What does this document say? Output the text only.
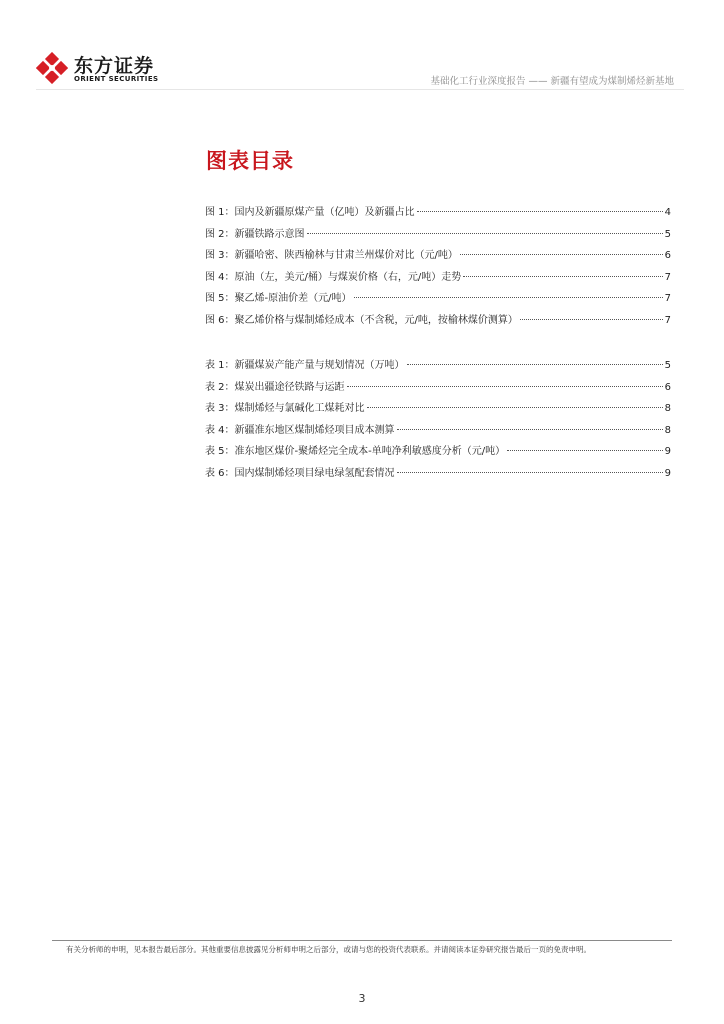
东方证券
ORIENT SECURITIES	基础化工行业深度报告 —— 新疆有望成为煤制烯烃新基地
图表目录
图 1：国内及新疆原煤产量（亿吨）及新疆占比	4
图 2：新疆铁路示意图	5
图 3：新疆哈密、陕西榆林与甘肃兰州煤价对比（元/吨）	6
图 4：原油（左，美元/桶）与煤炭价格（右，元/吨）走势	7
图 5：聚乙烯-原油价差（元/吨）	7
图 6：聚乙烯价格与煤制烯烃成本（不含税，元/吨，按榆林煤价测算）	7
表 1：新疆煤炭产能产量与规划情况（万吨）	5
表 2：煤炭出疆途径铁路与运距	6
表 3：煤制烯烃与氯碱化工煤耗对比	8
表 4：新疆准东地区煤制烯烃项目成本测算	8
表 5：准东地区煤价-聚烯烃完全成本-单吨净利敏感度分析（元/吨）	9
表 6：国内煤制烯烃项目绿电绿氢配套情况	9
有关分析师的申明，见本报告最后部分。其他重要信息披露见分析师申明之后部分，或请与您的投资代表联系。并请阅读本证券研究报告最后一页的免责申明。
3
